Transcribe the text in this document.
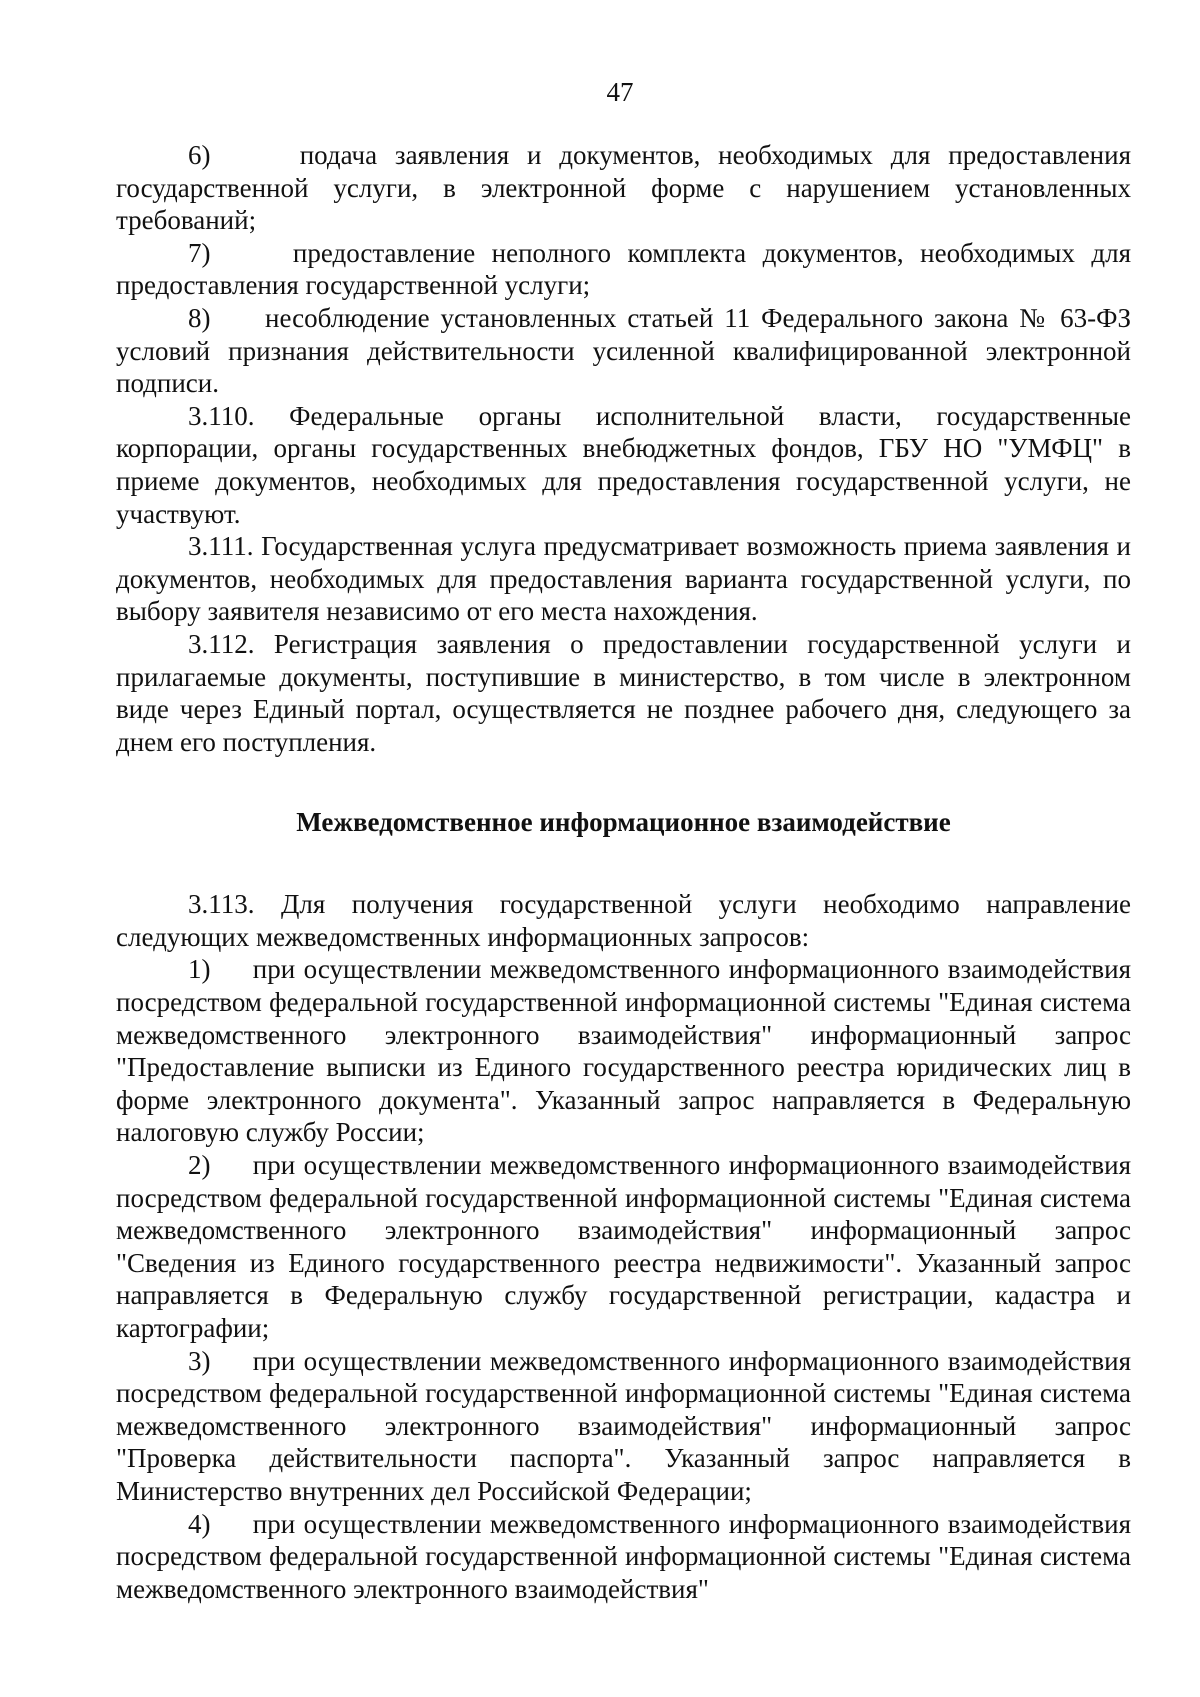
47

6)     подача заявления и документов, необходимых для предоставления государственной услуги, в электронной форме с нарушением установленных требований;

7)     предоставление неполного комплекта документов, необходимых для предоставления государственной услуги;

8)     несоблюдение установленных статьей 11 Федерального закона № 63-ФЗ условий признания действительности усиленной квалифицированной электронной подписи.

3.110. Федеральные органы исполнительной власти, государственные корпорации, органы государственных внебюджетных фондов, ГБУ НО "УМФЦ" в приеме документов, необходимых для предоставления государственной услуги, не участвуют.

3.111. Государственная услуга предусматривает возможность приема заявления и документов, необходимых для предоставления варианта государственной услуги, по выбору заявителя независимо от его места нахождения.

3.112. Регистрация заявления о предоставлении государственной услуги и прилагаемые документы, поступившие в министерство, в том числе в электронном виде через Единый портал, осуществляется не позднее рабочего дня, следующего за днем его поступления.

Межведомственное информационное взаимодействие

3.113. Для получения государственной услуги необходимо направление следующих межведомственных информационных запросов:

1)     при осуществлении межведомственного информационного взаимодействия посредством федеральной государственной информационной системы "Единая система межведомственного электронного взаимодействия" информационный запрос "Предоставление выписки из Единого государственного реестра юридических лиц в форме электронного документа". Указанный запрос направляется в Федеральную налоговую службу России;

2)     при осуществлении межведомственного информационного взаимодействия посредством федеральной государственной информационной системы "Единая система межведомственного электронного взаимодействия" информационный запрос "Сведения из Единого государственного реестра недвижимости". Указанный запрос направляется в Федеральную службу государственной регистрации, кадастра и картографии;

3)     при осуществлении межведомственного информационного взаимодействия посредством федеральной государственной информационной системы "Единая система межведомственного электронного взаимодействия" информационный запрос "Проверка действительности паспорта". Указанный запрос направляется в Министерство внутренних дел Российской Федерации;

4)     при осуществлении межведомственного информационного взаимодействия посредством федеральной государственной информационной системы "Единая система межведомственного электронного взаимодействия"
